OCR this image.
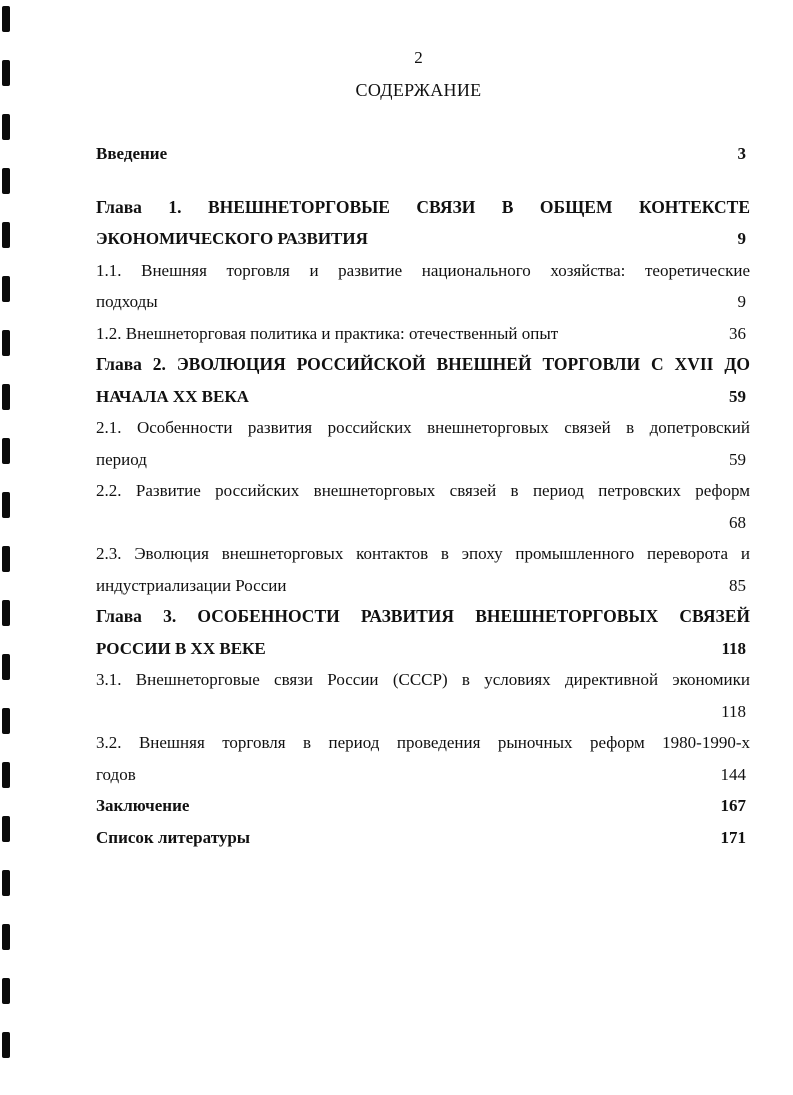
2
СОДЕРЖАНИЕ
Введение	3
Глава 1. ВНЕШНЕТОРГОВЫЕ СВЯЗИ В ОБЩЕМ КОНТЕКСТЕ
ЭКОНОМИЧЕСКОГО РАЗВИТИЯ	9
1.1. Внешняя торговля и развитие национального хозяйства: теоретические
подходы	9
1.2. Внешнеторговая политика и практика: отечественный опыт	36
Глава 2. ЭВОЛЮЦИЯ РОССИЙСКОЙ ВНЕШНЕЙ ТОРГОВЛИ С XVII ДО
НАЧАЛА XX ВЕКА	59
2.1. Особенности развития российских внешнеторговых связей в допетровский
период	59
2.2. Развитие российских внешнеторговых связей в период петровских реформ
68
2.3. Эволюция внешнеторговых контактов в эпоху промышленного переворота и
индустриализации России	85
Глава 3. ОСОБЕННОСТИ РАЗВИТИЯ ВНЕШНЕТОРГОВЫХ СВЯЗЕЙ
РОССИИ В XX ВЕКЕ	118
3.1. Внешнеторговые связи России (СССР) в условиях директивной экономики
118
3.2. Внешняя торговля в период проведения рыночных реформ 1980-1990-х
годов	144
Заключение	167
Список литературы	171
